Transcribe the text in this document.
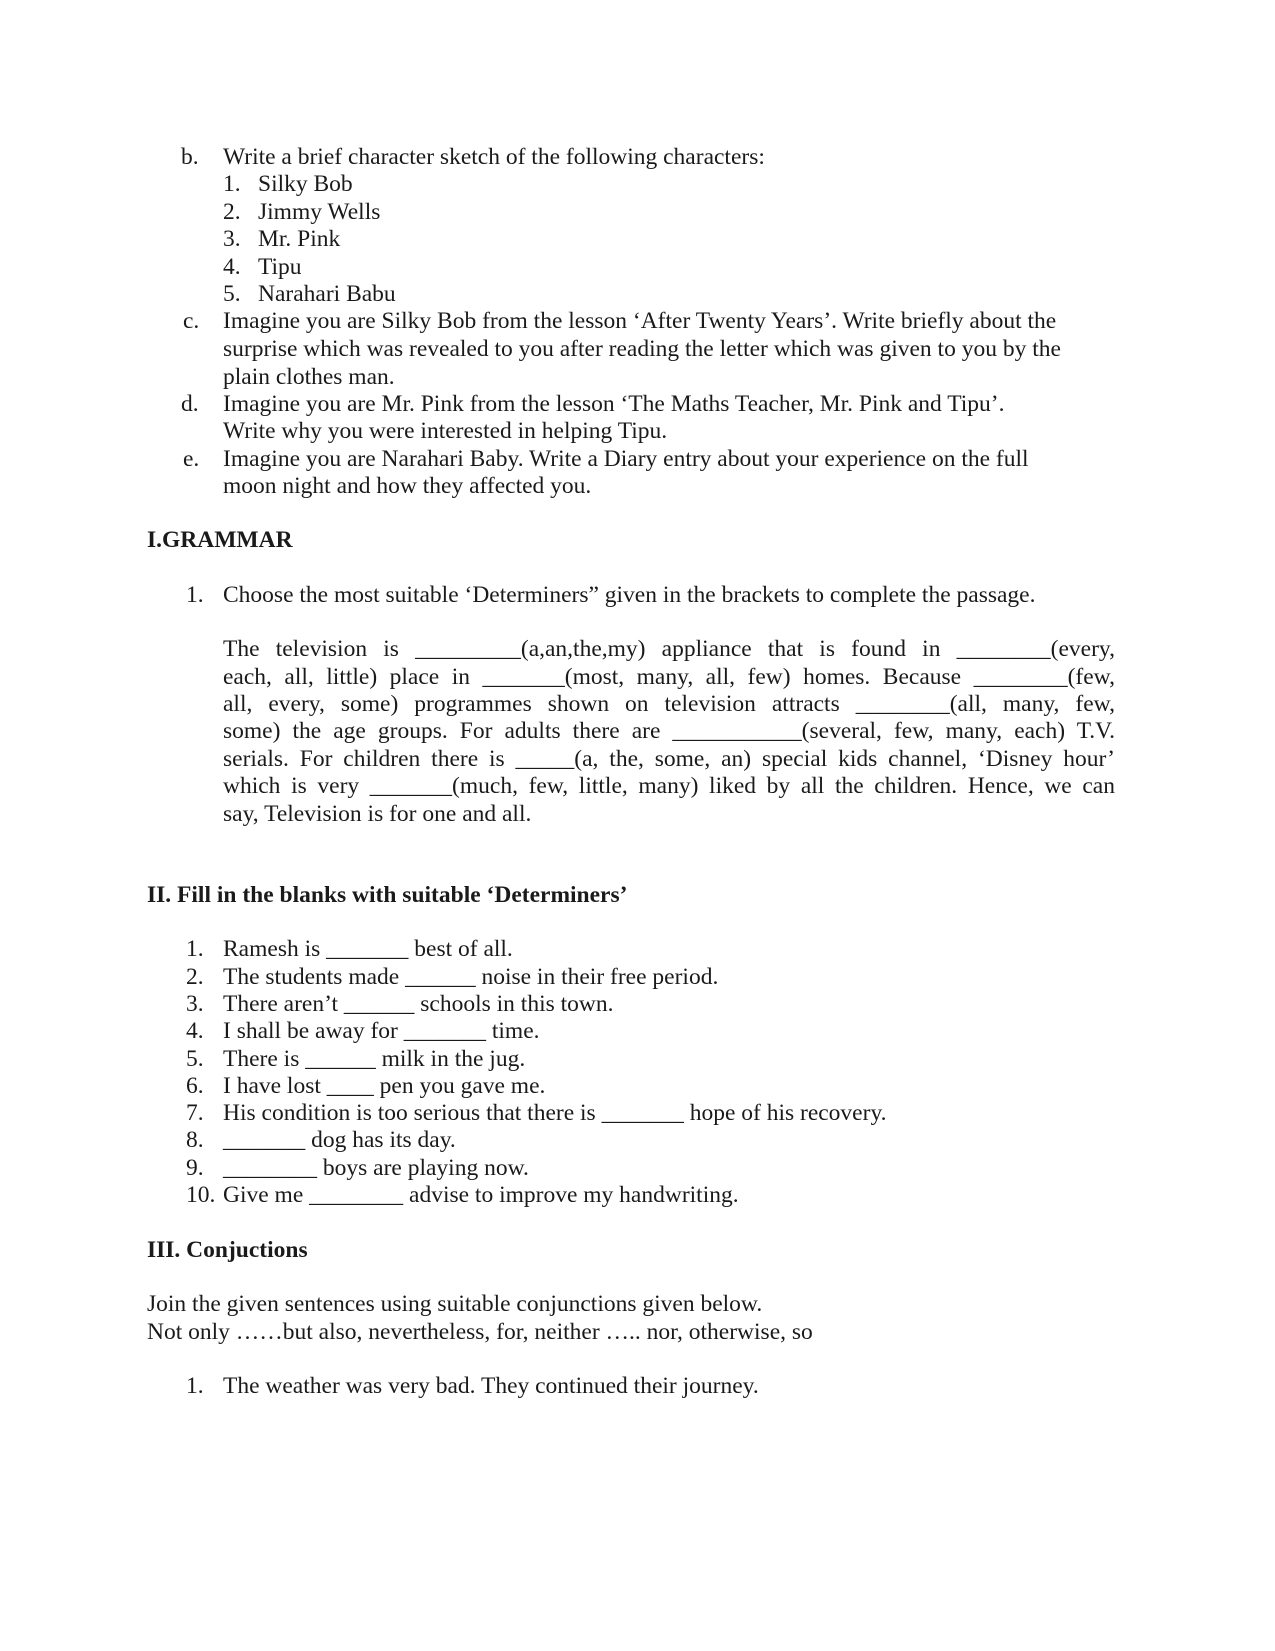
b. Write a brief character sketch of the following characters:
1. Silky Bob
2. Jimmy Wells
3. Mr. Pink
4. Tipu
5. Narahari Babu
c. Imagine you are Silky Bob from the lesson ‘After Twenty Years’. Write briefly about the
surprise which was revealed to you after reading the letter which was given to you by the
plain clothes man.
d. Imagine you are Mr. Pink from the lesson ‘The Maths Teacher, Mr. Pink and Tipu’.
Write why you were interested in helping Tipu.
e. Imagine you are Narahari Baby. Write a Diary entry about your experience on the full
moon night and how they affected you.
I.GRAMMAR
1. Choose the most suitable ‘Determiners” given in the brackets to complete the passage.
The television is _________(a,an,the,my) appliance that is found in ________(every,
each, all, little) place in _______(most, many, all, few) homes. Because ________(few,
all, every, some) programmes shown on television attracts ________(all, many, few,
some) the age groups. For adults there are ___________(several, few, many, each) T.V.
serials. For children there is _____(a, the, some, an) special kids channel, ‘Disney hour’
which is very _______(much, few, little, many) liked by all the children. Hence, we can
say, Television is for one and all.
II. Fill in the blanks with suitable ‘Determiners’
1. Ramesh is _______ best of all.
2. The students made ______ noise in their free period.
3. There aren’t ______ schools in this town.
4. I shall be away for _______ time.
5. There is ______ milk in the jug.
6. I have lost ____ pen you gave me.
7. His condition is too serious that there is _______ hope of his recovery.
8. _______ dog has its day.
9. ________ boys are playing now.
10. Give me ________ advise to improve my handwriting.
III. Conjuctions
Join the given sentences using suitable conjunctions given below.
Not only ……but also, nevertheless, for, neither ….. nor, otherwise, so
1. The weather was very bad. They continued their journey.
